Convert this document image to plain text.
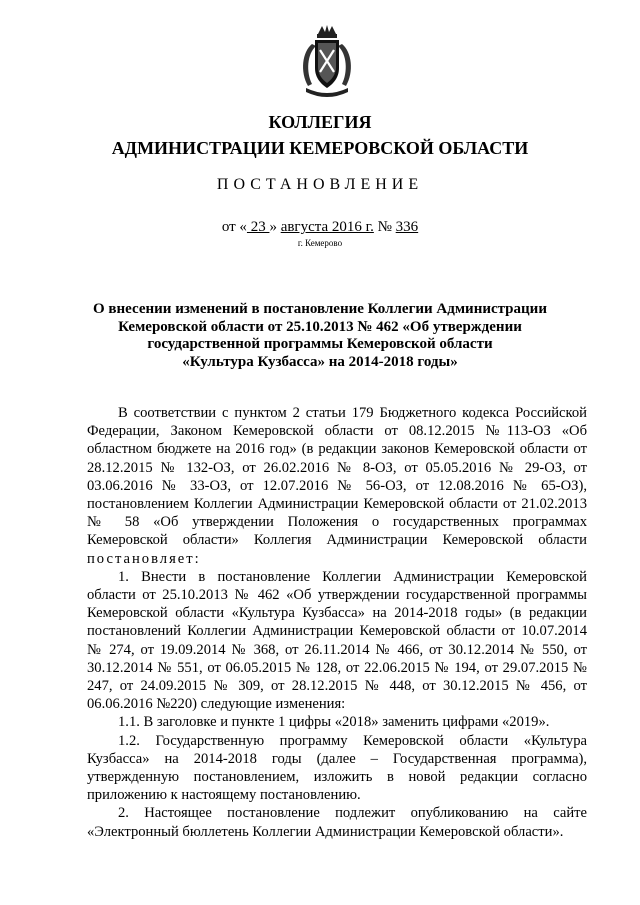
КОЛЛЕГИЯ
АДМИНИСТРАЦИИ КЕМЕРОВСКОЙ ОБЛАСТИ
ПОСТАНОВЛЕНИЕ
от « 23 » августа 2016 г. № 336
г. Кемерово
О внесении изменений в постановление Коллегии Администрации
Кемеровской области от 25.10.2013 № 462 «Об утверждении
государственной программы Кемеровской области
«Культура Кузбасса» на 2014-2018 годы»

В соответствии с пунктом 2 статьи 179 Бюджетного кодекса Российской Федерации, Законом Кемеровской области от 08.12.2015 №113-ОЗ «Об областном бюджете на 2016 год» (в редакции законов Кемеровской области от 28.12.2015 № 132-ОЗ, от 26.02.2016 № 8-ОЗ, от 05.05.2016 № 29-ОЗ, от 03.06.2016 № 33-ОЗ, от 12.07.2016 № 56-ОЗ, от 12.08.2016 № 65-ОЗ), постановлением Коллегии Администрации Кемеровской области от 21.02.2013 № 58 «Об утверждении Положения о государственных программах Кемеровской области» Коллегия Администрации Кемеровской области постановляет:

1. Внести в постановление Коллегии Администрации Кемеровской области от 25.10.2013 № 462 «Об утверждении государственной программы Кемеровской области «Культура Кузбасса» на 2014-2018 годы» (в редакции постановлений Коллегии Администрации Кемеровской области от 10.07.2014 № 274, от 19.09.2014 № 368, от 26.11.2014 № 466, от 30.12.2014 № 550, от 30.12.2014 № 551, от 06.05.2015 № 128, от 22.06.2015 № 194, от 29.07.2015 № 247, от 24.09.2015 № 309, от 28.12.2015 № 448, от 30.12.2015 № 456, от 06.06.2016 №220) следующие изменения:

1.1. В заголовке и пункте 1 цифры «2018» заменить цифрами «2019».

1.2. Государственную программу Кемеровской области «Культура Кузбасса» на 2014-2018 годы (далее – Государственная программа), утвержденную постановлением, изложить в новой редакции согласно приложению к настоящему постановлению.

2. Настоящее постановление подлежит опубликованию на сайте «Электронный бюллетень Коллегии Администрации Кемеровской области».
